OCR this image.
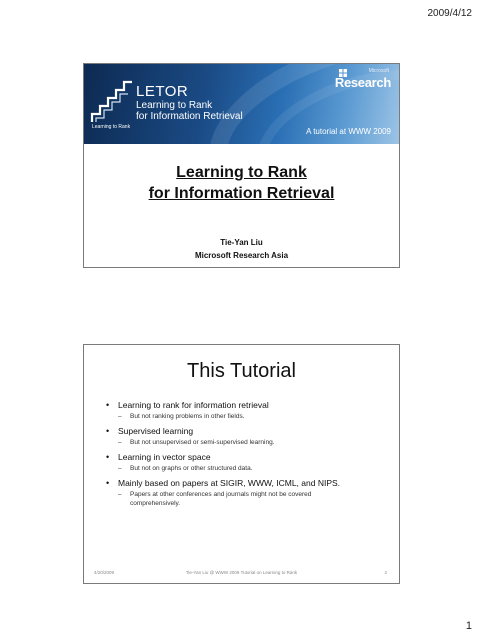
2009/4/12
LETOR
Learning to Rank
for Information Retrieval
Learning to Rank
Microsoft
Research
A tutorial at WWW 2009
Learning to Rank
for Information Retrieval
Tie-Yan Liu
Microsoft Research Asia
This Tutorial
• Learning to rank for information retrieval
– But not ranking problems in other fields.
• Supervised learning
– But not unsupervised or semi-supervised learning.
• Learning in vector space
– But not on graphs or other structured data.
• Mainly based on papers at SIGIR, WWW, ICML, and NIPS.
– Papers at other conferences and journals might not be covered
comprehensively.
4/20/2009	Tie-Yan Liu @ WWW 2009 Tutorial on Learning to Rank	2
1
